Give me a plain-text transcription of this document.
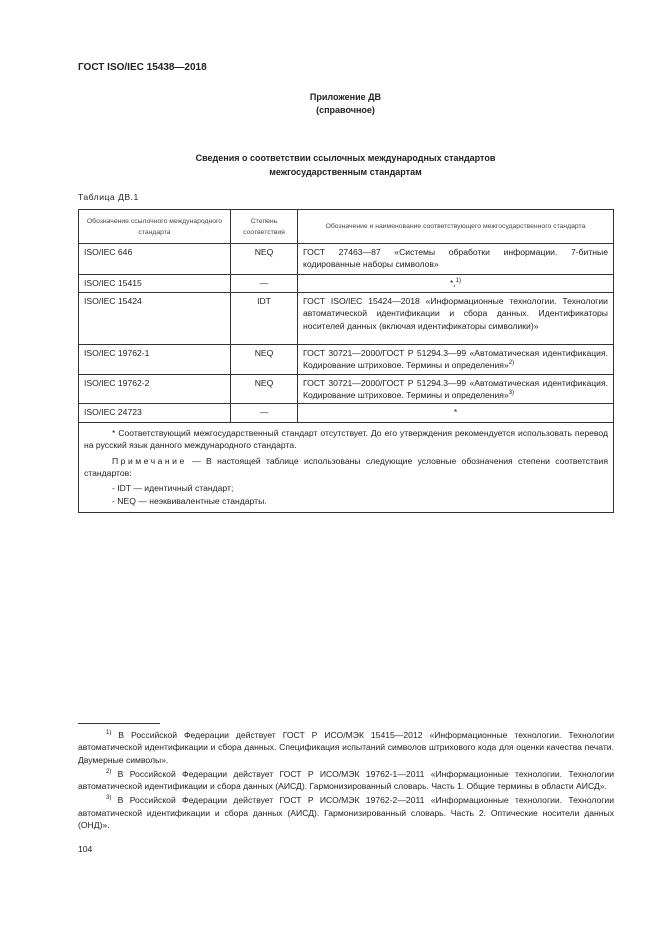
ГОСТ ISO/IEC 15438—2018
Приложение ДВ
(справочное)
Сведения о соответствии ссылочных международных стандартов
межгосударственным стандартам
Таблица ДВ.1
Обозначение ссылочного международного стандарта	Степень соответствия	Обозначение и наименование соответствующего межгосударственного стандарта
ISO/IEC 646	NEQ	ГОСТ 27463—87 «Системы обработки информации. 7-битные кодированные наборы символов»
ISO/IEC 15415	—	*,$^{1)}$
ISO/IEC 15424	IDT	ГОСТ ISO/IEC 15424—2018 «Информационные технологии. Технологии автоматической идентификации и сбора данных. Идентификаторы носителей данных (включая идентификаторы символики)»
ISO/IEC 19762-1	NEQ	ГОСТ 30721—2000/ГОСТ Р 51294.3—99 «Автоматическая идентификация. Кодирование штриховое. Термины и определения»$^{2)}$
ISO/IEC 19762-2	NEQ	ГОСТ 30721—2000/ГОСТ Р 51294.3—99 «Автоматическая идентификация. Кодирование штриховое. Термины и определения»$^{3)}$
ISO/IEC 24723	—	*

* Соответствующий межгосударственный стандарт отсутствует. До его утверждения рекомендуется использовать перевод на русский язык данного международного стандарта.

Примечание — В настоящей таблице использованы следующие условные обозначения степени соответствия стандартов:

- IDT — идентичный стандарт;

- NEQ — неэквивалентные стандарты.		

$^{1)}$ В Российской Федерации действует ГОСТ Р ИСО/МЭК 15415—2012 «Информационные технологии. Технологии автоматической идентификации и сбора данных. Спецификация испытаний символов штрихового кода для оценки качества печати. Двумерные символы».

$^{2)}$ В Российской Федерации действует ГОСТ Р ИСО/МЭК 19762-1—2011 «Информационные технологии. Технологии автоматической идентификации и сбора данных (АИСД). Гармонизированный словарь. Часть 1. Общие термины в области АИСД».

$^{3)}$ В Российской Федерации действует ГОСТ Р ИСО/МЭК 19762-2—2011 «Информационные технологии. Технологии автоматической идентификации и сбора данных (АИСД). Гармонизированный словарь. Часть 2. Оптические носители данных (ОНД)».

104
